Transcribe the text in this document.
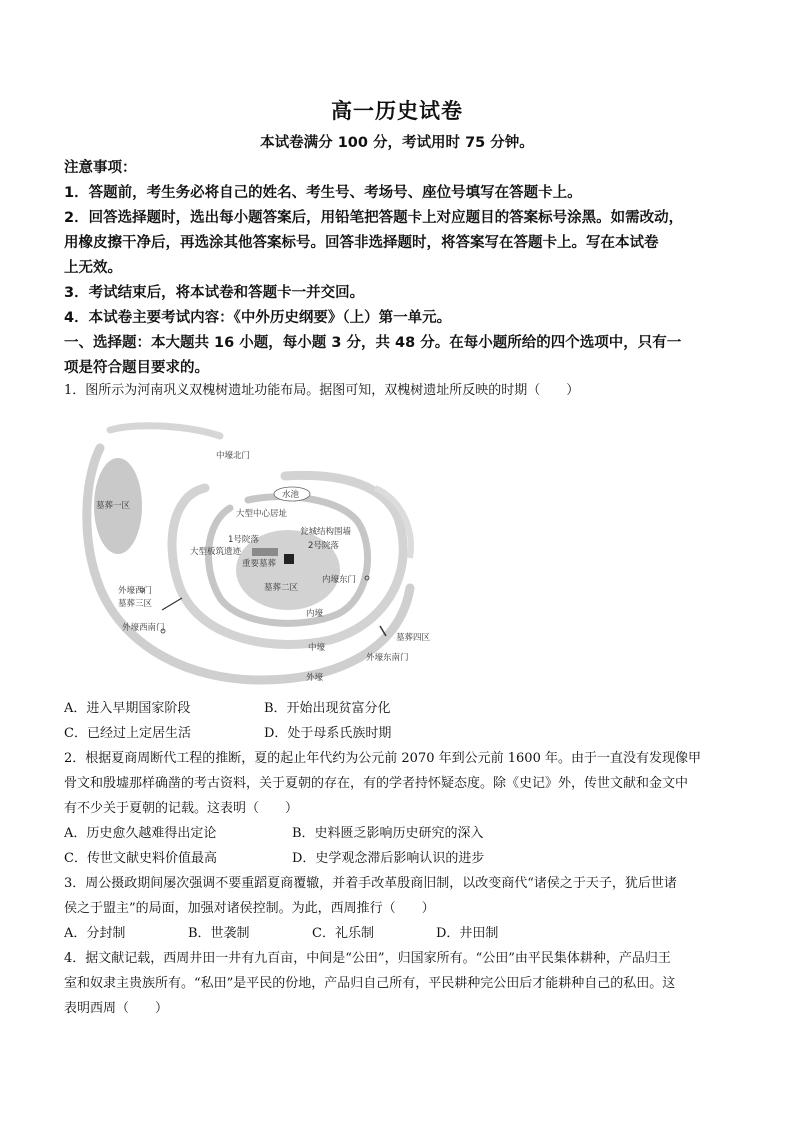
高一历史试卷
本试卷满分 100 分，考试用时 75 分钟。
注意事项：
1．答题前，考生务必将自己的姓名、考生号、考场号、座位号填写在答题卡上。
2．回答选择题时，选出每小题答案后，用铅笔把答题卡上对应题目的答案标号涂黑。如需改动，
用橡皮擦干净后，再选涂其他答案标号。回答非选择题时，将答案写在答题卡上。写在本试卷
上无效。
3．考试结束后，将本试卷和答题卡一并交回。
4．本试卷主要考试内容：《中外历史纲要》（上）第一单元。
一、选择题：本大题共 16 小题，每小题 3 分，共 48 分。在每小题所给的四个选项中，只有一
项是符合题目要求的。
1．图所示为河南巩义双槐树遗址功能布局。据图可知，双槐树遗址所反映的时期（　　）
中壕北门
墓葬一区
水池
大型中心居址
1号院落
瓮城结构围墙
2号院落
大型板筑遗迹
重要墓葬
外壕西门	墓葬二区
内壕东门
墓葬三区
外壕西南门
内壕
墓葬四区
中壕
外壕东南门
外壕
A．进入早期国家阶段	B．开始出现贫富分化
C．已经过上定居生活	D．处于母系氏族时期
2．根据夏商周断代工程的推断，夏的起止年代约为公元前 2070 年到公元前 1600 年。由于一直没有发现像甲
骨文和殷墟那样确凿的考古资料，关于夏朝的存在，有的学者持怀疑态度。除《史记》外，传世文献和金文中
有不少关于夏朝的记载。这表明（　　）
A．历史愈久越难得出定论	B．史料匮乏影响历史研究的深入
C．传世文献史料价值最高	D．史学观念滞后影响认识的进步
3．周公摄政期间屡次强调不要重蹈夏商覆辙，并着手改革殷商旧制，以改变商代“诸侯之于天子，犹后世诸
侯之于盟主”的局面，加强对诸侯控制。为此，西周推行（　　）
A．分封制	B．世袭制	C．礼乐制	D．井田制
4．据文献记载，西周井田一井有九百亩，中间是“公田”，归国家所有。“公田”由平民集体耕种，产品归王
室和奴隶主贵族所有。“私田”是平民的份地，产品归自己所有，平民耕种完公田后才能耕种自己的私田。这
表明西周（　　）
